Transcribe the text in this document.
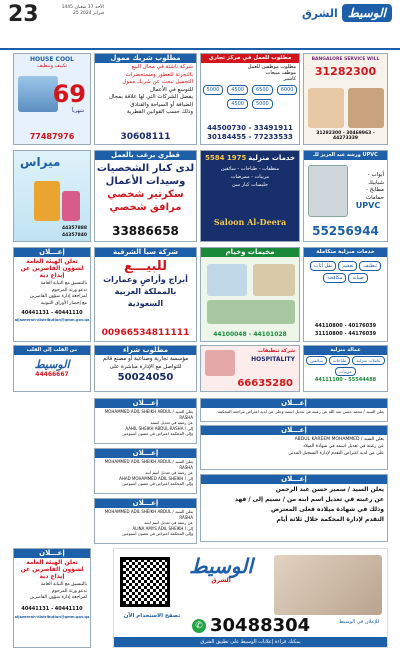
23	الأحد 17 شعبان 1445
25 فبراير 2024	الشرق الوسيط
HOUSE COOL
تكييف وتنظيف
69
شهرياً
77487976
مطلوب شريك ممول
شركة ناشئة في مجال البيع
بالتجزئة للعطور ومستحضرات
التجميل تبحث عن شريك ممول
للتوسع في الأعمال
يفضل الشركات التي لها علاقة بمجال
الضيافة أو السياحة والفنادق
وذلك حسب القوانين القطرية
30608111
مطلوب للعمل في مركز تجاري
مطلوب موظفين للعمل
موظف مبيعات
كاشير
5000	4500	6500	6000
4500	5000
44500730 - 33491911
30184455 - 77233533
BANGALORE SERVICE WILL
31282300
31282300 - 30469963 - 44273339
ميراس
44357888
44357840
قطري يرغب بالعمل
لدى كبار الشخصيات
وسيدات الأعمال
سكرتير شخصي
مرافق شخصي
33886658
5584 1975 خدمات منزلية
منظفات - طباخات - سائقين
مربيات - ممرضات
جليسات كبار سن
Saloon Al-Deera
ورشة عبد العزيز للـ UPVC
أبواب - شبابيك
مطابخ - حمامات
UPVC
55256944
إعـــلان
تعلن الهيئة العامة لشؤون القاصرين عن إيداع دية
بالتنسيق مع النيابة العامة
تدعو ورثة المرحوم
لمراجعة إدارة شؤون القاصرين
مع إحضار الأوراق الثبوتية
40441131 - 40441110
aljazeerah-distribution@qmm.gov.qa
شركة سبأ الشرقية
للبيـــع
أبراج وأراضٍ وعمارات
بالمملكة العربية
السعودية
00966534811111
مخيمات وخيام
44100048 - 44101028
خدمات منزلية متكاملة
تنظيف
تعقيم
نقل أثاث
صيانة
مكافحة
44110800 - 40176039
31110800 - 44176039
من القلب إلى القلب
الوسيط
44466667
مطلوب شراء
مؤسسة تجارية وصناعية أو مصنع قائم
للتواصل مع الإدارة مباشرة على
50024050
شركة تنظيفات
HOSPITALITY
66635280
عمالة منزلية
عاملات منزلية
طباخات
سائقين
مربيات
44111100 - 55544488
إعـــلان
يعلن السيد / MOHAMMED ADIL SHEIKH ABDUL RASHA
عن رغبته في تعديل اسمه
إلى / AAHIL SHEIKH ABDUL RASHA
وإلى المحكمة اعتراض في غضون أسبوعين
إعـــلان
يعلن السيد / MOHAMMED ADIL SHEIKH ABDUL RASHA
عن رغبته في تعديل اسم ابنه
إلى / AHAD MOHAMMED ADIL SHEIKH
وإلى المحكمة اعتراض في غضون أسبوعين
إعـــلان
يعلن السيد / MOHAMMED ADIL SHEIKH ABDUL RASHA
عن رغبته في تعديل اسم ابنته
إلى / ALINA AMYS ADIL SHEIKH
وإلى المحكمة اعتراض في غضون أسبوعين
إعـــلان
يعلن السيد / محمد حسن عبد الله عن رغبته في تعديل اسمه وعلى من لديه اعتراض مراجعة المحكمة
إعـــلان
يعلن السيد / ABDUL KAREEM MOHAMMED
عن رغبته في تعديل اسمه في شهادة الميلاد
على من لديه اعتراض التقدم لإدارة التسجيل المدني
إعـــلان
يعلن السيد / سمير حسن عبد الرحمن
عن رغبته في تعديل اسم ابنه من / نسيم إلى / فهد
وذلك في شهادة ميلاده فعلى المعترض
التقدم لإدارة المحكمة خلال ثلاثة أيام
إعـــلان
تعلن الهيئة العامة لشؤون القاصرين عن إيداع دية
بالتنسيق مع النيابة العامة
تدعو ورثة المرحوم
لمراجعة إدارة شؤون القاصرين
40441131 - 40441110
aljazeerah-distribution@qmm.gov.qa
الوسيط
الشرق
تصفح الاستخدام الآن
✆ 30488304
يمكنك قراءة إعلانات الوسيط على تطبيق الشرق
للإعلان في الوسيط
